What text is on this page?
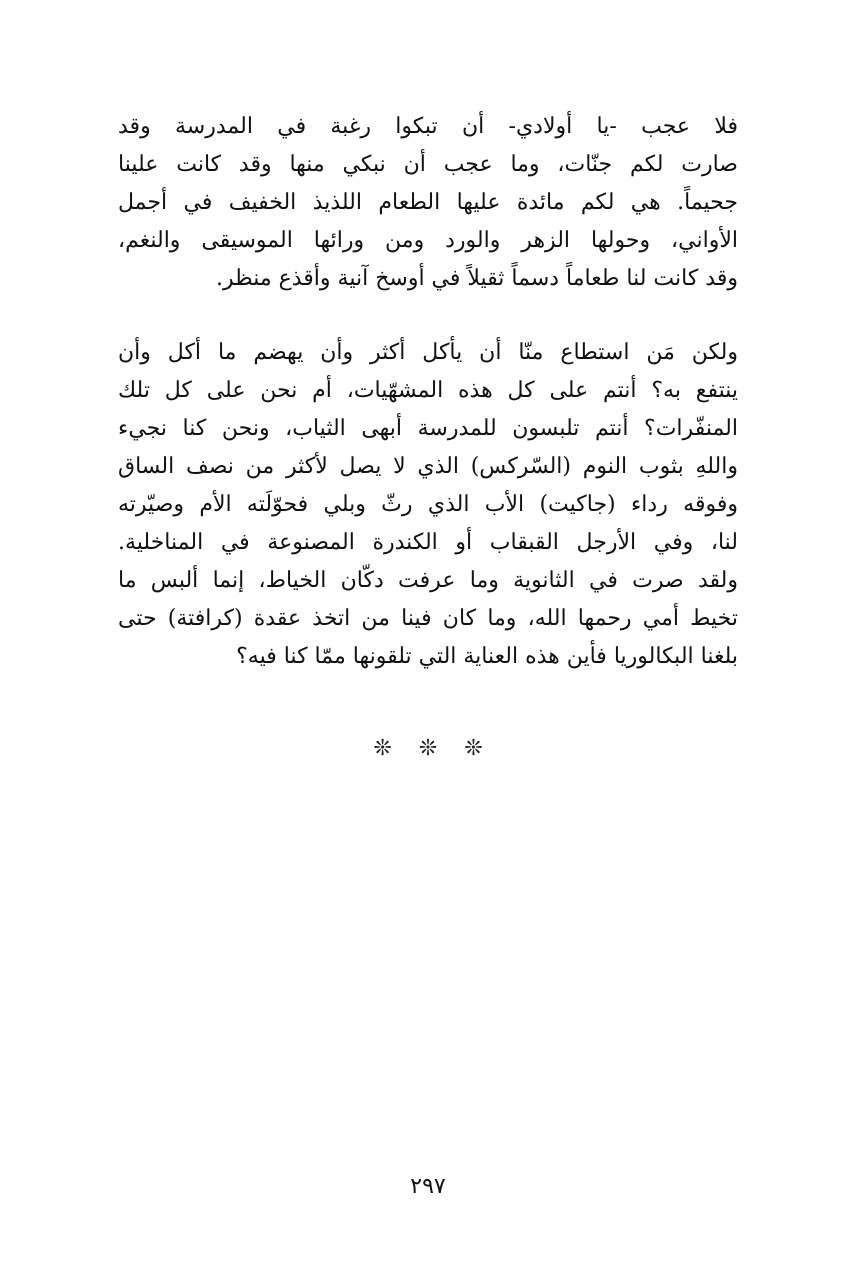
فلا عجب -يا أولادي- أن تبكوا رغبة في المدرسة وقد
صارت لكم جنّات، وما عجب أن نبكي منها وقد كانت علينا
جحيماً. هي لكم مائدة عليها الطعام اللذيذ الخفيف في أجمل
الأواني، وحولها الزهر والورد ومن ورائها الموسيقى والنغم،
وقد كانت لنا طعاماً دسماً ثقيلاً في أوسخ آنية وأقذع منظر.
ولكن مَن استطاع منّا أن يأكل أكثر وأن يهضم ما أكل وأن
ينتفع به؟ أنتم على كل هذه المشهّيات، أم نحن على كل تلك
المنفّرات؟ أنتم تلبسون للمدرسة أبهى الثياب، ونحن كنا نجيء
واللهِ بثوب النوم (السّركس) الذي لا يصل لأكثر من نصف الساق
وفوقه رداء (جاكيت) الأب الذي رثّ وبلي فحوّلَته الأم وصيّرته
لنا، وفي الأرجل القبقاب أو الكندرة المصنوعة في المناخلية.
ولقد صرت في الثانوية وما عرفت دكّان الخياط، إنما ألبس ما
تخيط أمي رحمها الله، وما كان فينا من اتخذ عقدة (كرافتة) حتى
بلغنا البكالوريا فأين هذه العناية التي تلقونها ممّا كنا فيه؟
❊ ❊ ❊
٢٩٧
